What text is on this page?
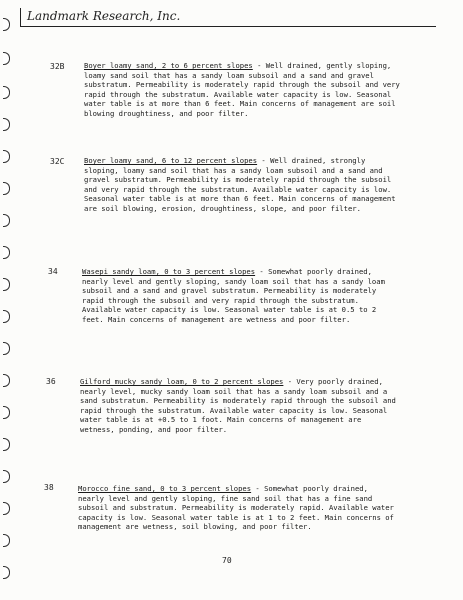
Landmark Research, Inc.
32B	Boyer loamy sand, 2 to 6 percent slopes - Well drained, gently sloping, loamy sand soil that has a sandy loam subsoil and a sand and gravel substratum. Permeability is moderately rapid through the subsoil and very rapid through the substratum. Available water capacity is low. Seasonal water table is at more than 6 feet. Main concerns of management are soil blowing droughtiness, and poor filter.
32C	Boyer loamy sand, 6 to 12 percent slopes - Well drained, strongly sloping, loamy sand soil that has a sandy loam subsoil and a sand and gravel substratum. Permeability is moderately rapid through the subsoil and very rapid through the substratum. Available water capacity is low. Seasonal water table is at more than 6 feet. Main concerns of management are soil blowing, erosion, droughtiness, slope, and poor filter.
34	Wasepi sandy loam, 0 to 3 percent slopes - Somewhat poorly drained, nearly level and gently sloping, sandy loam soil that has a sandy loam subsoil and a sand and gravel substratum. Permeability is moderately rapid through the subsoil and very rapid through the substratum. Available water capacity is low. Seasonal water table is at 0.5 to 2 feet. Main concerns of management are wetness and poor filter.
36	Gilford mucky sandy loam, 0 to 2 percent slopes - Very poorly drained, nearly level, mucky sandy loam soil that has a sandy loam subsoil and a sand substratum. Permeability is moderately rapid through the subsoil and rapid through the substratum. Available water capacity is low. Seasonal water table is at +0.5 to 1 foot. Main concerns of management are wetness, ponding, and poor filter.
38	Morocco fine sand, 0 to 3 percent slopes - Somewhat poorly drained, nearly level and gently sloping, fine sand soil that has a fine sand subsoil and substratum. Permeability is moderately rapid. Available water capacity is low. Seasonal water table is at 1 to 2 feet. Main concerns of management are wetness, soil blowing, and poor filter.
70
